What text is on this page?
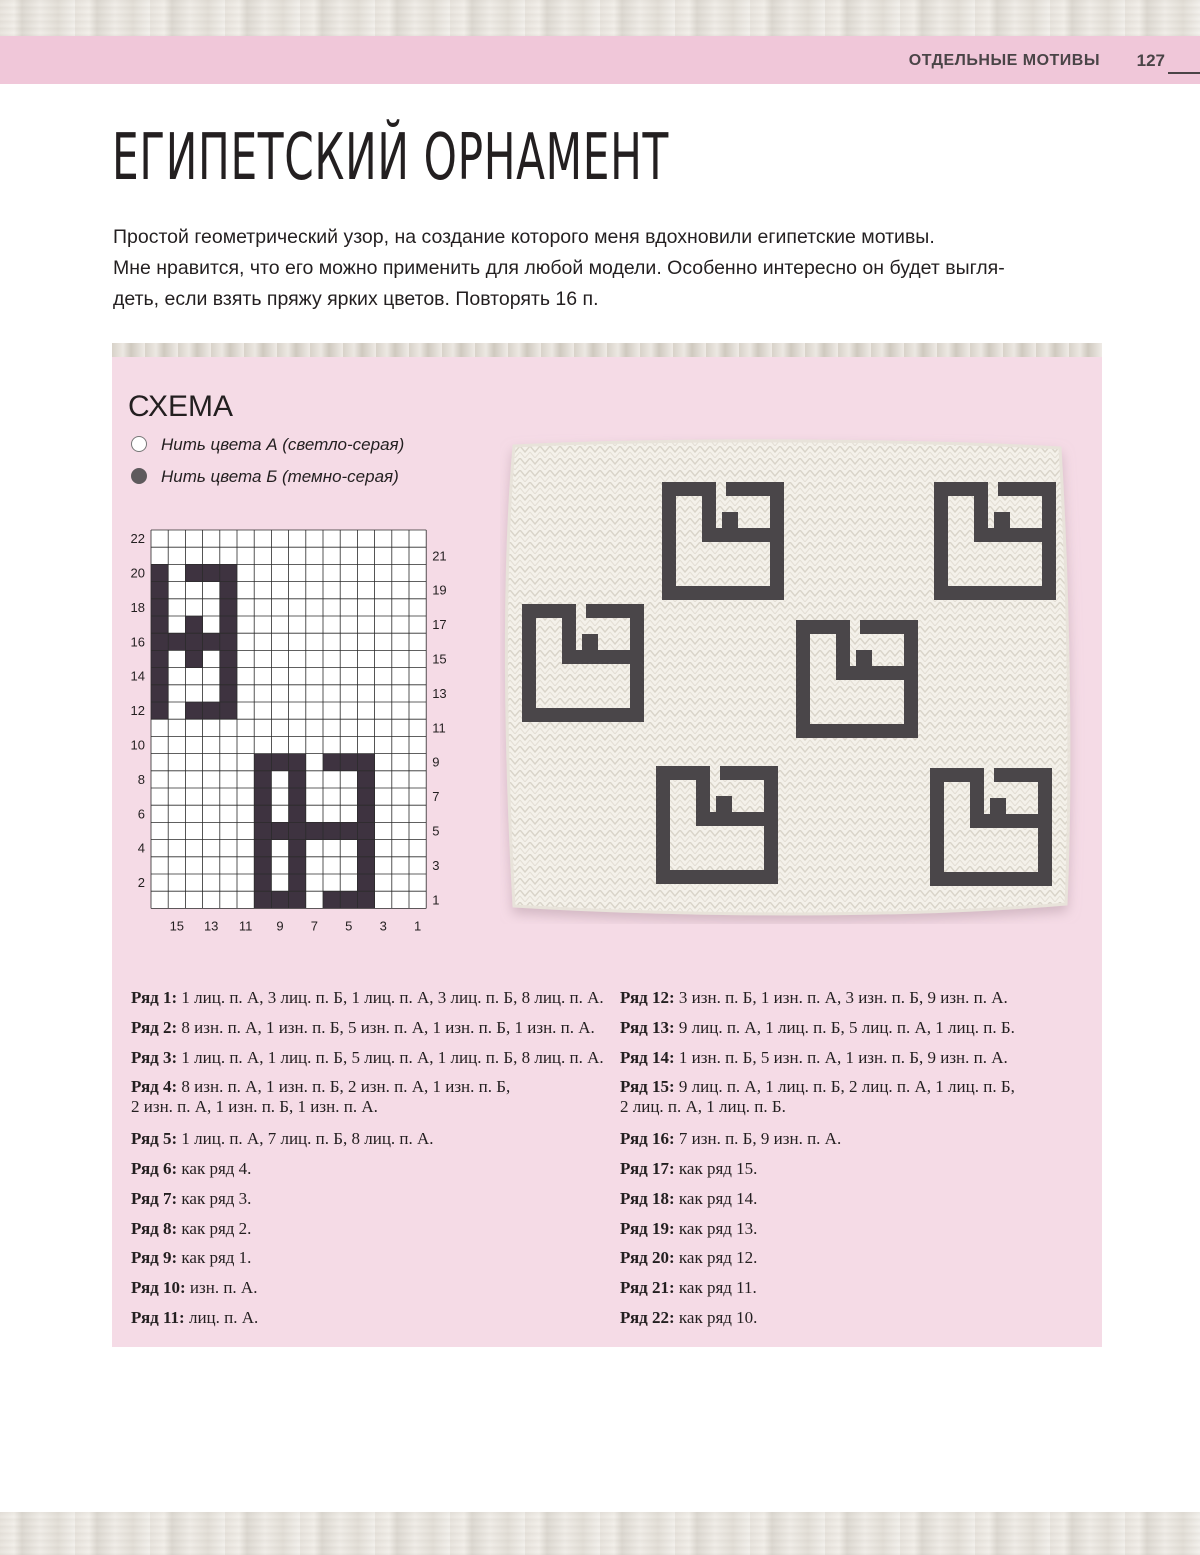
ОТДЕЛЬНЫЕ МОТИВЫ 127
ЕГИПЕТСКИЙ ОРНАМЕНТ
Простой геометрический узор, на создание которого меня вдохновили египетские мотивы.
Мне нравится, что его можно применить для любой модели. Особенно интересно он будет выгля-
деть, если взять пряжу ярких цветов. Повторять 16 п.
СХЕМА
Нить цвета А (светло-серая)
Нить цвета Б (темно-серая)
22
20
18
16
14
12
10
8
6
4
2
21
19
17
15
13
11
9
7
5
3
1
15 13 11 9 7 5 3 1
Ряд 1: 1 лиц. п. А, 3 лиц. п. Б, 1 лиц. п. А, 3 лиц. п. Б, 8 лиц. п. А.
Ряд 2: 8 изн. п. А, 1 изн. п. Б, 5 изн. п. А, 1 изн. п. Б, 1 изн. п. А.
Ряд 3: 1 лиц. п. А, 1 лиц. п. Б, 5 лиц. п. А, 1 лиц. п. Б, 8 лиц. п. А.
Ряд 4: 8 изн. п. А, 1 изн. п. Б, 2 изн. п. А, 1 изн. п. Б,
2 изн. п. А, 1 изн. п. Б, 1 изн. п. А.
Ряд 5: 1 лиц. п. А, 7 лиц. п. Б, 8 лиц. п. А.
Ряд 6: как ряд 4.
Ряд 7: как ряд 3.
Ряд 8: как ряд 2.
Ряд 9: как ряд 1.
Ряд 10: изн. п. А.
Ряд 11: лиц. п. А.
Ряд 12: 3 изн. п. Б, 1 изн. п. А, 3 изн. п. Б, 9 изн. п. А.
Ряд 13: 9 лиц. п. А, 1 лиц. п. Б, 5 лиц. п. А, 1 лиц. п. Б.
Ряд 14: 1 изн. п. Б, 5 изн. п. А, 1 изн. п. Б, 9 изн. п. А.
Ряд 15: 9 лиц. п. А, 1 лиц. п. Б, 2 лиц. п. А, 1 лиц. п. Б,
2 лиц. п. А, 1 лиц. п. Б.
Ряд 16: 7 изн. п. Б, 9 изн. п. А.
Ряд 17: как ряд 15.
Ряд 18: как ряд 14.
Ряд 19: как ряд 13.
Ряд 20: как ряд 12.
Ряд 21: как ряд 11.
Ряд 22: как ряд 10.
